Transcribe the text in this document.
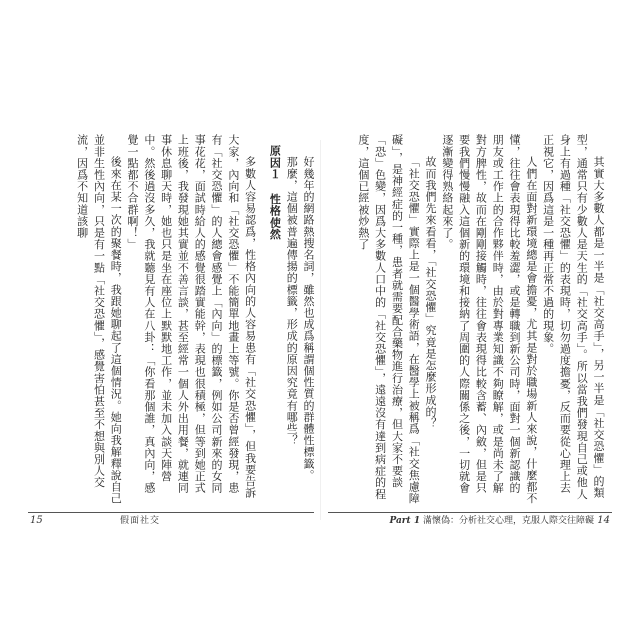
好幾年的網路熱搜名詞，雖然也成爲稱謂個性質的群體性標籤。

那麼，這個被普遍傳揚的標籤，形成的原因究竟有哪些？

原因１ 性格使然

多數人容易認爲，性格內向的人容易患有「社交恐懼」，但我要告訴大家，內向和「社交恐懼」不能簡單地畫上等號。你是否曾經發現，患有「社交恐懼」的人總會感覺上「內向」的標籤，例如公司新來的女同事花花，面試時給人的感覺很踏實能幹，表現也很積極，但等到她正式上班後，我發現她其實並不善言談，甚至經常一個人外出用餐，就連同事休息聊天時，她也只是坐在座位上默默地工作，並未加入談天陣營中。然後過沒多久，我就聽見有人在八卦：「你看那個誰，真內向，感覺一點都不合群啊！」

後來在某一次的聚餐時，我跟她聊起了這個情況。她向我解釋說自己並非生性內向，只是有一點「社交恐懼」，感覺害怕甚至不想與別人交流，因爲不知道該聊

15	假面社交

其實大多數人都是一半是「社交高手」，另一半是「社交恐懼」的類型，通常只有少數人是天生的「社交高手」。所以當我們發現自己或他人身上有過種「社交恐懼」的表現時，切勿過度擔憂，反而要從心理上去正視它，因爲這是一種再正常不過的現象。

人們在面對新環境總是會擔憂，尤其是對於職場新人來說，什麼都不懂，往往會表現得比較羞澀，或是轉職到新公司時，面對一個新認識的朋友或工作上的合作夥伴時，由於對專業知識不夠瞭解，或是尚未了解對方脾性，故而在剛剛接觸時，往往會表現得比較含蓄、內斂，但是只要我們慢慢融入這個新的環境和接納了周圍的人際關係之後，一切就會逐漸變得熟絡起來了。

故而我們先來看看，「社交恐懼」究竟是怎麼形成的？

「社交恐懼」實際上是一個醫學術語，在醫學上被稱爲「社交焦慮障礙」，是神經症的一種，患者就需要配合藥物進行治療，但大家不要談「恐」色變，因爲大多數人口中的「社交恐懼」，遠遠沒有達到病症的程度，這個已經被炒熱了

Part 1 滿懷偽：分析社交心理，克服人際交往障礙 14
